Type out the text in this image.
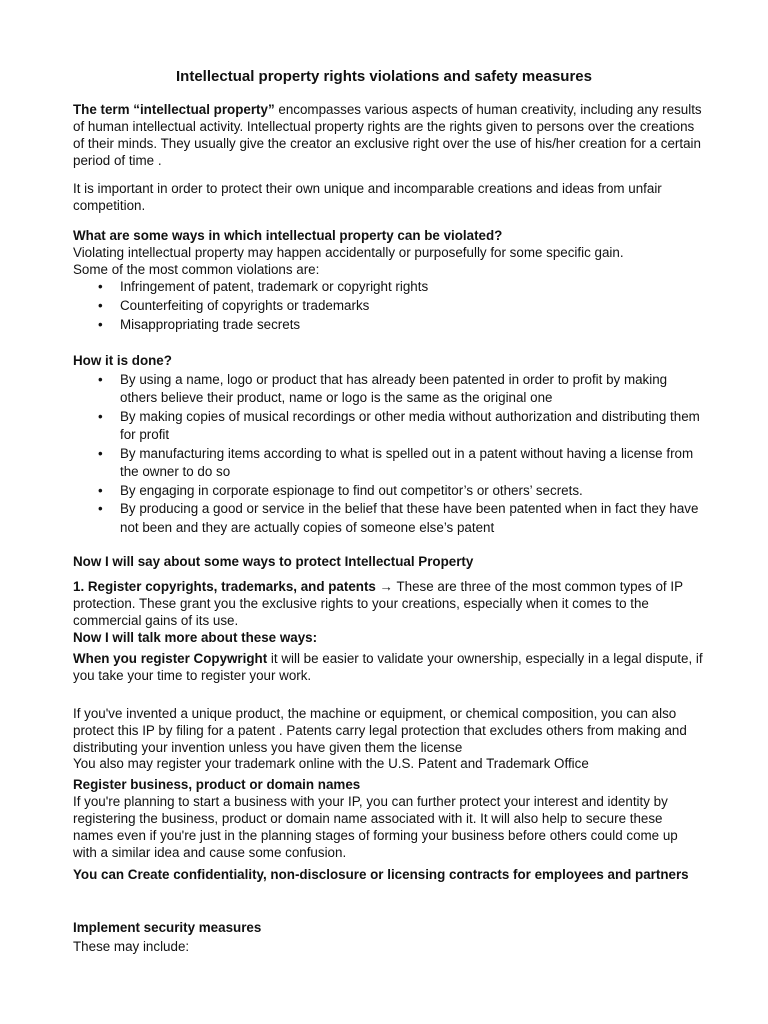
Intellectual property rights violations and safety measures
The term “intellectual property” encompasses various aspects of human creativity, including any results of human intellectual activity. Intellectual property rights are the rights given to persons over the creations of their minds. They usually give the creator an exclusive right over the use of his/her creation for a certain period of time .
It is important in order to protect their own unique and incomparable creations and ideas from unfair competition.
What are some ways in which intellectual property can be violated?
Violating intellectual property may happen accidentally or purposefully for some specific gain.
Some of the most common violations are:
• Infringement of patent, trademark or copyright rights
• Counterfeiting of copyrights or trademarks
• Misappropriating trade secrets
How it is done?
• By using a name, logo or product that has already been patented in order to profit by making others believe their product, name or logo is the same as the original one
• By making copies of musical recordings or other media without authorization and distributing them for profit
• By manufacturing items according to what is spelled out in a patent without having a license from the owner to do so
• By engaging in corporate espionage to find out competitor’s or others’ secrets.
• By producing a good or service in the belief that these have been patented when in fact they have not been and they are actually copies of someone else’s patent
Now I will say about some ways to protect Intellectual Property
1. Register copyrights, trademarks, and patents → These are three of the most common types of IP protection. These grant you the exclusive rights to your creations, especially when it comes to the commercial gains of its use.
Now I will talk more about these ways:
When you register Copywright it will be easier to validate your ownership, especially in a legal dispute, if you take your time to register your work.
If you've invented a unique product, the machine or equipment, or chemical composition, you can also protect this IP by filing for a patent . Patents carry legal protection that excludes others from making and distributing your invention unless you have given them the license
You also may register your trademark online with the U.S. Patent and Trademark Office
Register business, product or domain names
If you're planning to start a business with your IP, you can further protect your interest and identity by registering the business, product or domain name associated with it. It will also help to secure these names even if you're just in the planning stages of forming your business before others could come up with a similar idea and cause some confusion.
You can Create confidentiality, non-disclosure or licensing contracts for employees and partners
Implement security measures
These may include:
